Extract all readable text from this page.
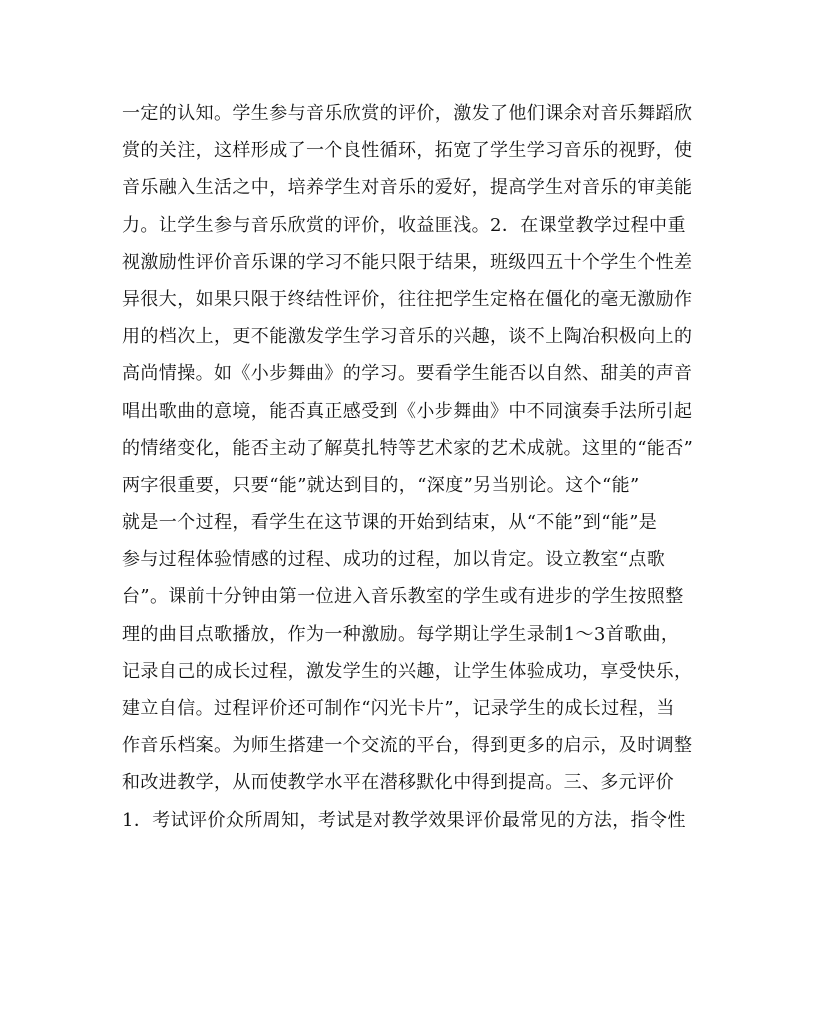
一定的认知。学生参与音乐欣赏的评价，激发了他们课余对音乐舞蹈欣
赏的关注，这样形成了一个良性循环，拓宽了学生学习音乐的视野，使
音乐融入生活之中，培养学生对音乐的爱好，提高学生对音乐的审美能
力。让学生参与音乐欣赏的评价，收益匪浅。2．在课堂教学过程中重
视激励性评价音乐课的学习不能只限于结果，班级四五十个学生个性差
异很大，如果只限于终结性评价，往往把学生定格在僵化的毫无激励作
用的档次上，更不能激发学生学习音乐的兴趣，谈不上陶冶积极向上的
高尚情操。如《小步舞曲》的学习。要看学生能否以自然、甜美的声音
唱出歌曲的意境，能否真正感受到《小步舞曲》中不同演奏手法所引起
的情绪变化，能否主动了解莫扎特等艺术家的艺术成就。这里的“能否”
两字很重要，只要“能”就达到目的，“深度”另当别论。这个“能”
就是一个过程，看学生在这节课的开始到结束，从“不能”到“能”是
参与过程体验情感的过程、成功的过程，加以肯定。设立教室“点歌
台”。课前十分钟由第一位进入音乐教室的学生或有进步的学生按照整
理的曲目点歌播放，作为一种激励。每学期让学生录制1～3首歌曲，
记录自己的成长过程，激发学生的兴趣，让学生体验成功，享受快乐，
建立自信。过程评价还可制作“闪光卡片”，记录学生的成长过程，当
作音乐档案。为师生搭建一个交流的平台，得到更多的启示，及时调整
和改进教学，从而使教学水平在潜移默化中得到提高。三、多元评价
1．考试评价众所周知，考试是对教学效果评价最常见的方法，指令性
